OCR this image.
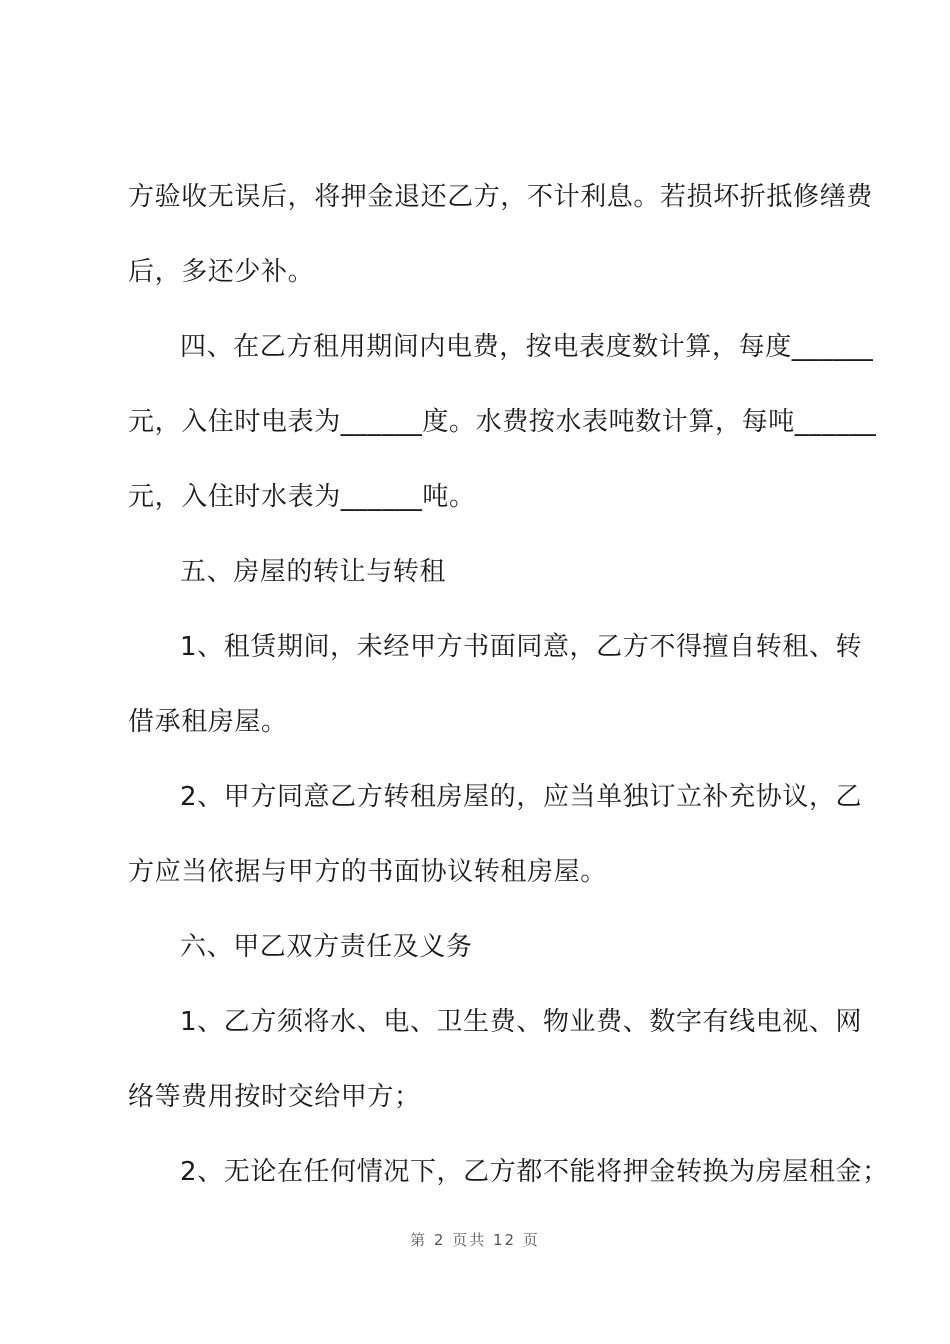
方验收无误后，将押金退还乙方，不计利息。若损坏折抵修缮费
后，多还少补。
四、在乙方租用期间内电费，按电表度数计算，每度______
元，入住时电表为______度。水费按水表吨数计算，每吨______
元，入住时水表为______吨。
五、房屋的转让与转租
1、租赁期间，未经甲方书面同意，乙方不得擅自转租、转
借承租房屋。
2、甲方同意乙方转租房屋的，应当单独订立补充协议，乙
方应当依据与甲方的书面协议转租房屋。
六、甲乙双方责任及义务
1、乙方须将水、电、卫生费、物业费、数字有线电视、网
络等费用按时交给甲方；
2、无论在任何情况下，乙方都不能将押金转换为房屋租金；
第 2 页共 12 页
